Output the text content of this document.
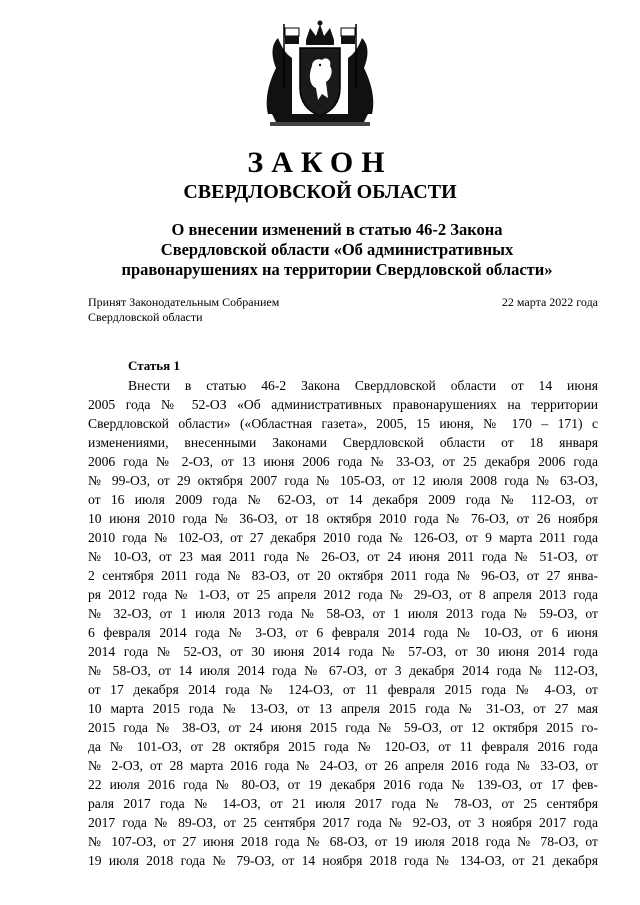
ЗАКОН
СВЕРДЛОВСКОЙ ОБЛАСТИ
О внесении изменений в статью 46-2 Закона
Свердловской области «Об административных
правонарушениях на территории Свердловской области»
Принят Законодательным Собранием
Свердловской области
22 марта 2022 года
Статья 1
Внести в статью 46-2 Закона Свердловской области от 14 июня
2005 года № 52-ОЗ «Об административных правонарушениях на территории
Свердловской области» («Областная газета», 2005, 15 июня, № 170 – 171) с
изменениями, внесенными Законами Свердловской области от 18 января
2006 года № 2-ОЗ, от 13 июня 2006 года № 33-ОЗ, от 25 декабря 2006 года
№ 99-ОЗ, от 29 октября 2007 года № 105-ОЗ, от 12 июля 2008 года № 63-ОЗ,
от 16 июля 2009 года № 62-ОЗ, от 14 декабря 2009 года № 112-ОЗ, от
10 июня 2010 года № 36-ОЗ, от 18 октября 2010 года № 76-ОЗ, от 26 ноября
2010 года № 102-ОЗ, от 27 декабря 2010 года № 126-ОЗ, от 9 марта 2011 года
№ 10-ОЗ, от 23 мая 2011 года № 26-ОЗ, от 24 июня 2011 года № 51-ОЗ, от
2 сентября 2011 года № 83-ОЗ, от 20 октября 2011 года № 96-ОЗ, от 27 янва-
ря 2012 года № 1-ОЗ, от 25 апреля 2012 года № 29-ОЗ, от 8 апреля 2013 года
№ 32-ОЗ, от 1 июля 2013 года № 58-ОЗ, от 1 июля 2013 года № 59-ОЗ, от
6 февраля 2014 года № 3-ОЗ, от 6 февраля 2014 года № 10-ОЗ, от 6 июня
2014 года № 52-ОЗ, от 30 июня 2014 года № 57-ОЗ, от 30 июня 2014 года
№ 58-ОЗ, от 14 июля 2014 года № 67-ОЗ, от 3 декабря 2014 года № 112-ОЗ,
от 17 декабря 2014 года № 124-ОЗ, от 11 февраля 2015 года № 4-ОЗ, от
10 марта 2015 года № 13-ОЗ, от 13 апреля 2015 года № 31-ОЗ, от 27 мая
2015 года № 38-ОЗ, от 24 июня 2015 года № 59-ОЗ, от 12 октября 2015 го-
да № 101-ОЗ, от 28 октября 2015 года № 120-ОЗ, от 11 февраля 2016 года
№ 2-ОЗ, от 28 марта 2016 года № 24-ОЗ, от 26 апреля 2016 года № 33-ОЗ, от
22 июля 2016 года № 80-ОЗ, от 19 декабря 2016 года № 139-ОЗ, от 17 фев-
раля 2017 года № 14-ОЗ, от 21 июля 2017 года № 78-ОЗ, от 25 сентября
2017 года № 89-ОЗ, от 25 сентября 2017 года № 92-ОЗ, от 3 ноября 2017 года
№ 107-ОЗ, от 27 июня 2018 года № 68-ОЗ, от 19 июля 2018 года № 78-ОЗ, от
19 июля 2018 года № 79-ОЗ, от 14 ноября 2018 года № 134-ОЗ, от 21 декабря
